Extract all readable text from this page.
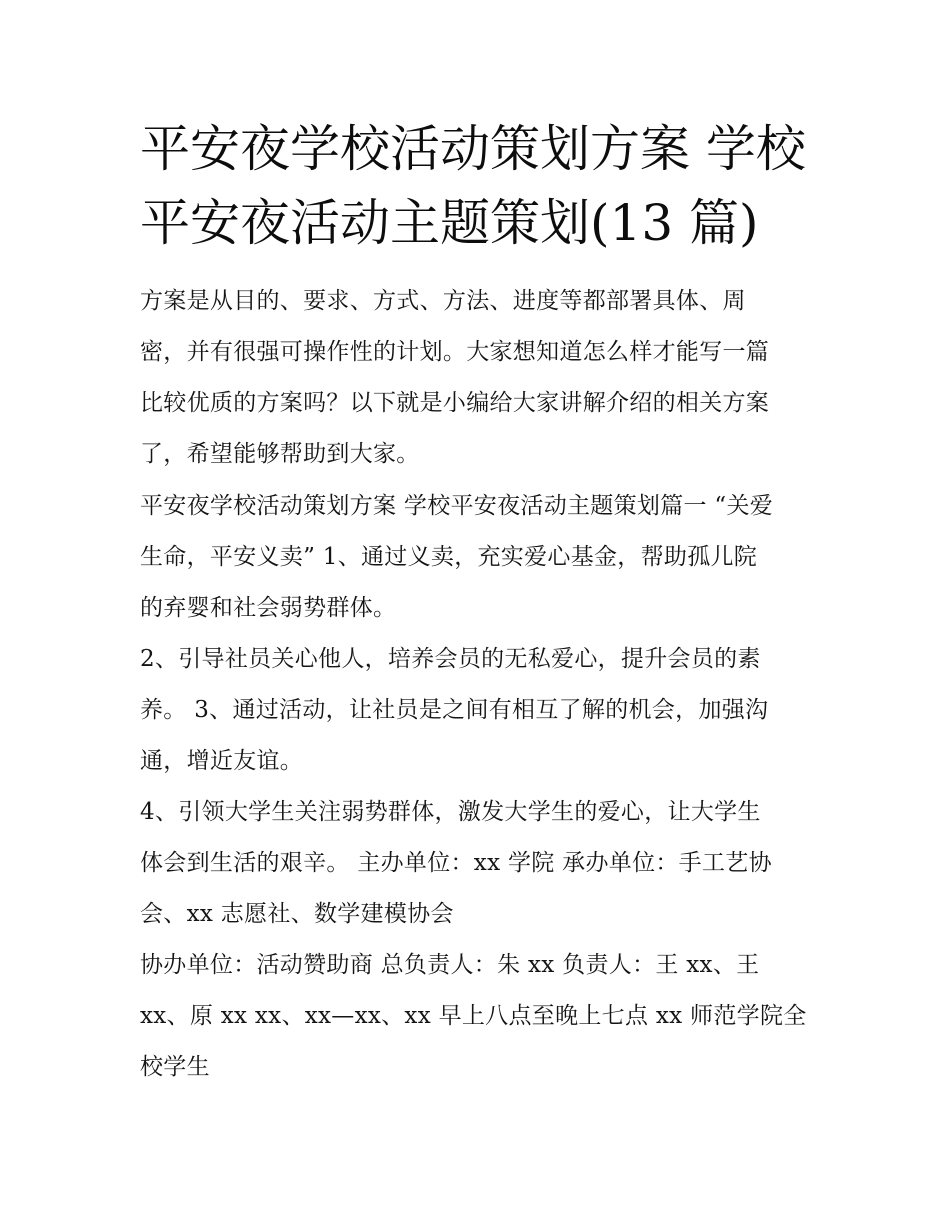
平安夜学校活动策划方案 学校
平安夜活动主题策划(13 篇)

方案是从目的、要求、方式、方法、进度等都部署具体、周
密，并有很强可操作性的计划。大家想知道怎么样才能写一篇
比较优质的方案吗？以下就是小编给大家讲解介绍的相关方案
了，希望能够帮助到大家。

平安夜学校活动策划方案 学校平安夜活动主题策划篇一 “关爱
生命，平安义卖” 1、通过义卖，充实爱心基金，帮助孤儿院
的弃婴和社会弱势群体。

2、引导社员关心他人，培养会员的无私爱心，提升会员的素
养。 3、通过活动，让社员是之间有相互了解的机会，加强沟
通，增近友谊。

4、引领大学生关注弱势群体，激发大学生的爱心，让大学生
体会到生活的艰辛。 主办单位：xx 学院 承办单位：手工艺协
会、xx 志愿社、数学建模协会

协办单位：活动赞助商 总负责人：朱 xx 负责人：王 xx、王
xx、原 xx xx、xx—xx、xx 早上八点至晚上七点 xx 师范学院全
校学生
